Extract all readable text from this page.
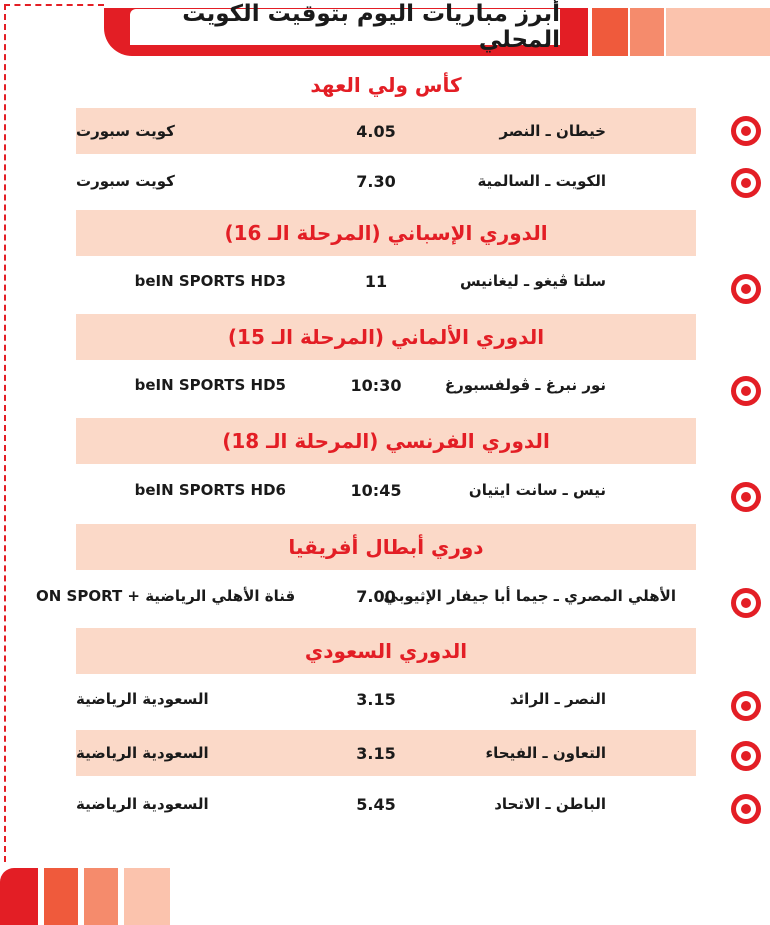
أبرز مباريات اليوم بتوقيت الكويت المحلي
كأس ولي العهد
خيطان ـ النصر
4.05
كويت سبورت
الكويت ـ السالمية
7.30
كويت سبورت
الدوري الإسباني (المرحلة الـ 16)
سلتا ڤيغو ـ ليغانيس
11
beIN SPORTS HD3
الدوري الألماني (المرحلة الـ 15)
نور نبرغ ـ ڤولفسبورغ
10:30
beIN SPORTS HD5
الدوري الفرنسي (المرحلة الـ 18)
نيس ـ سانت ايتيان
10:45
beIN SPORTS HD6
دوري أبطال أفريقيا
الأهلي المصري ـ جيما أبا جيفار الإثيوبي
7.00
قناة الأهلي الرياضية + ON SPORT
الدوري السعودي
النصر ـ الرائد
3.15
السعودية الرياضية
التعاون ـ الفيحاء
3.15
السعودية الرياضية
الباطن ـ الاتحاد
5.45
السعودية الرياضية
